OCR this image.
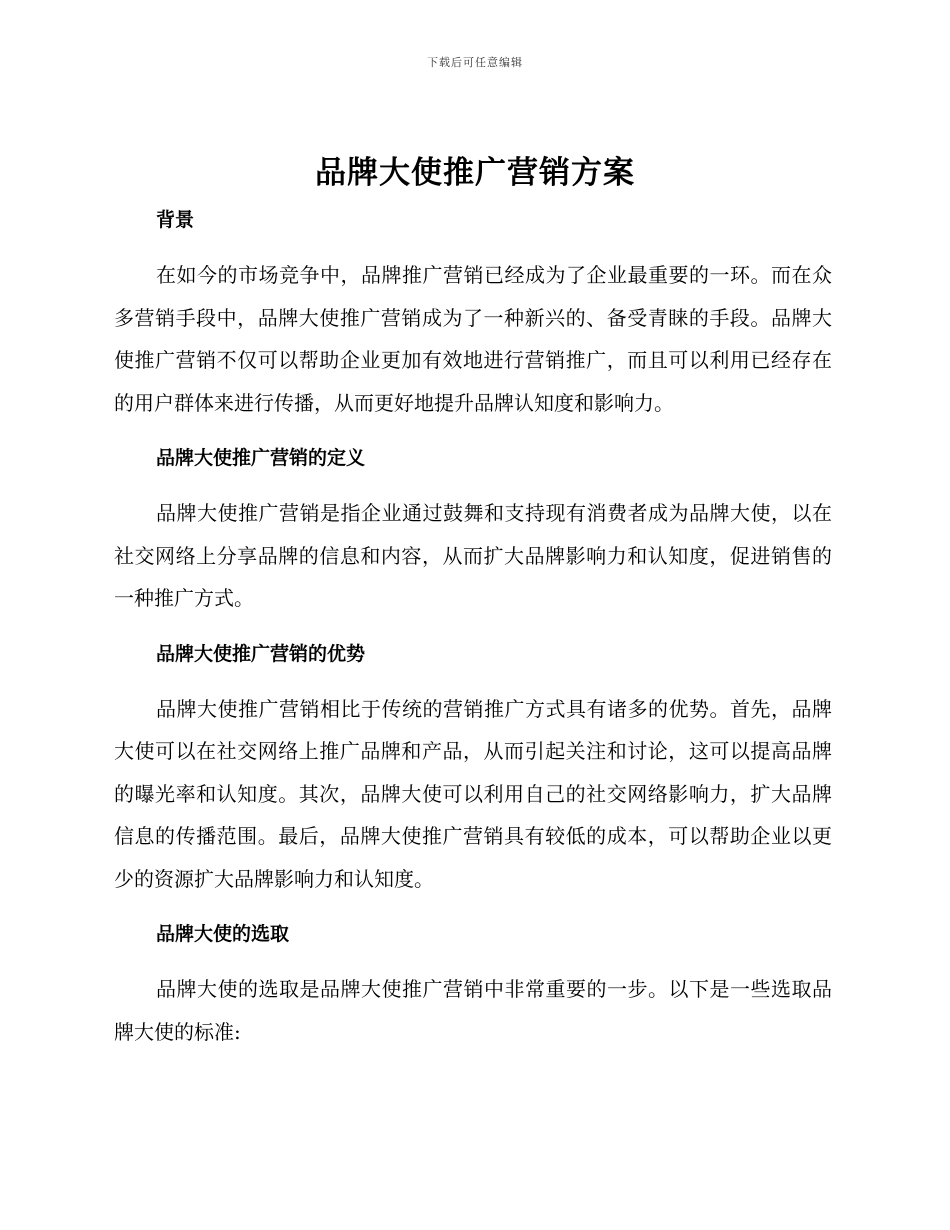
下载后可任意编辑
品牌大使推广营销方案
背景

在如今的市场竞争中，品牌推广营销已经成为了企业最重要的一环。而在众多营销手段中，品牌大使推广营销成为了一种新兴的、备受青睐的手段。品牌大使推广营销不仅可以帮助企业更加有效地进行营销推广，而且可以利用已经存在的用户群体来进行传播，从而更好地提升品牌认知度和影响力。

品牌大使推广营销的定义

品牌大使推广营销是指企业通过鼓舞和支持现有消费者成为品牌大使，以在社交网络上分享品牌的信息和内容，从而扩大品牌影响力和认知度，促进销售的一种推广方式。

品牌大使推广营销的优势

品牌大使推广营销相比于传统的营销推广方式具有诸多的优势。首先，品牌大使可以在社交网络上推广品牌和产品，从而引起关注和讨论，这可以提高品牌的曝光率和认知度。其次，品牌大使可以利用自己的社交网络影响力，扩大品牌信息的传播范围。最后，品牌大使推广营销具有较低的成本，可以帮助企业以更少的资源扩大品牌影响力和认知度。

品牌大使的选取

品牌大使的选取是品牌大使推广营销中非常重要的一步。以下是一些选取品牌大使的标准:
